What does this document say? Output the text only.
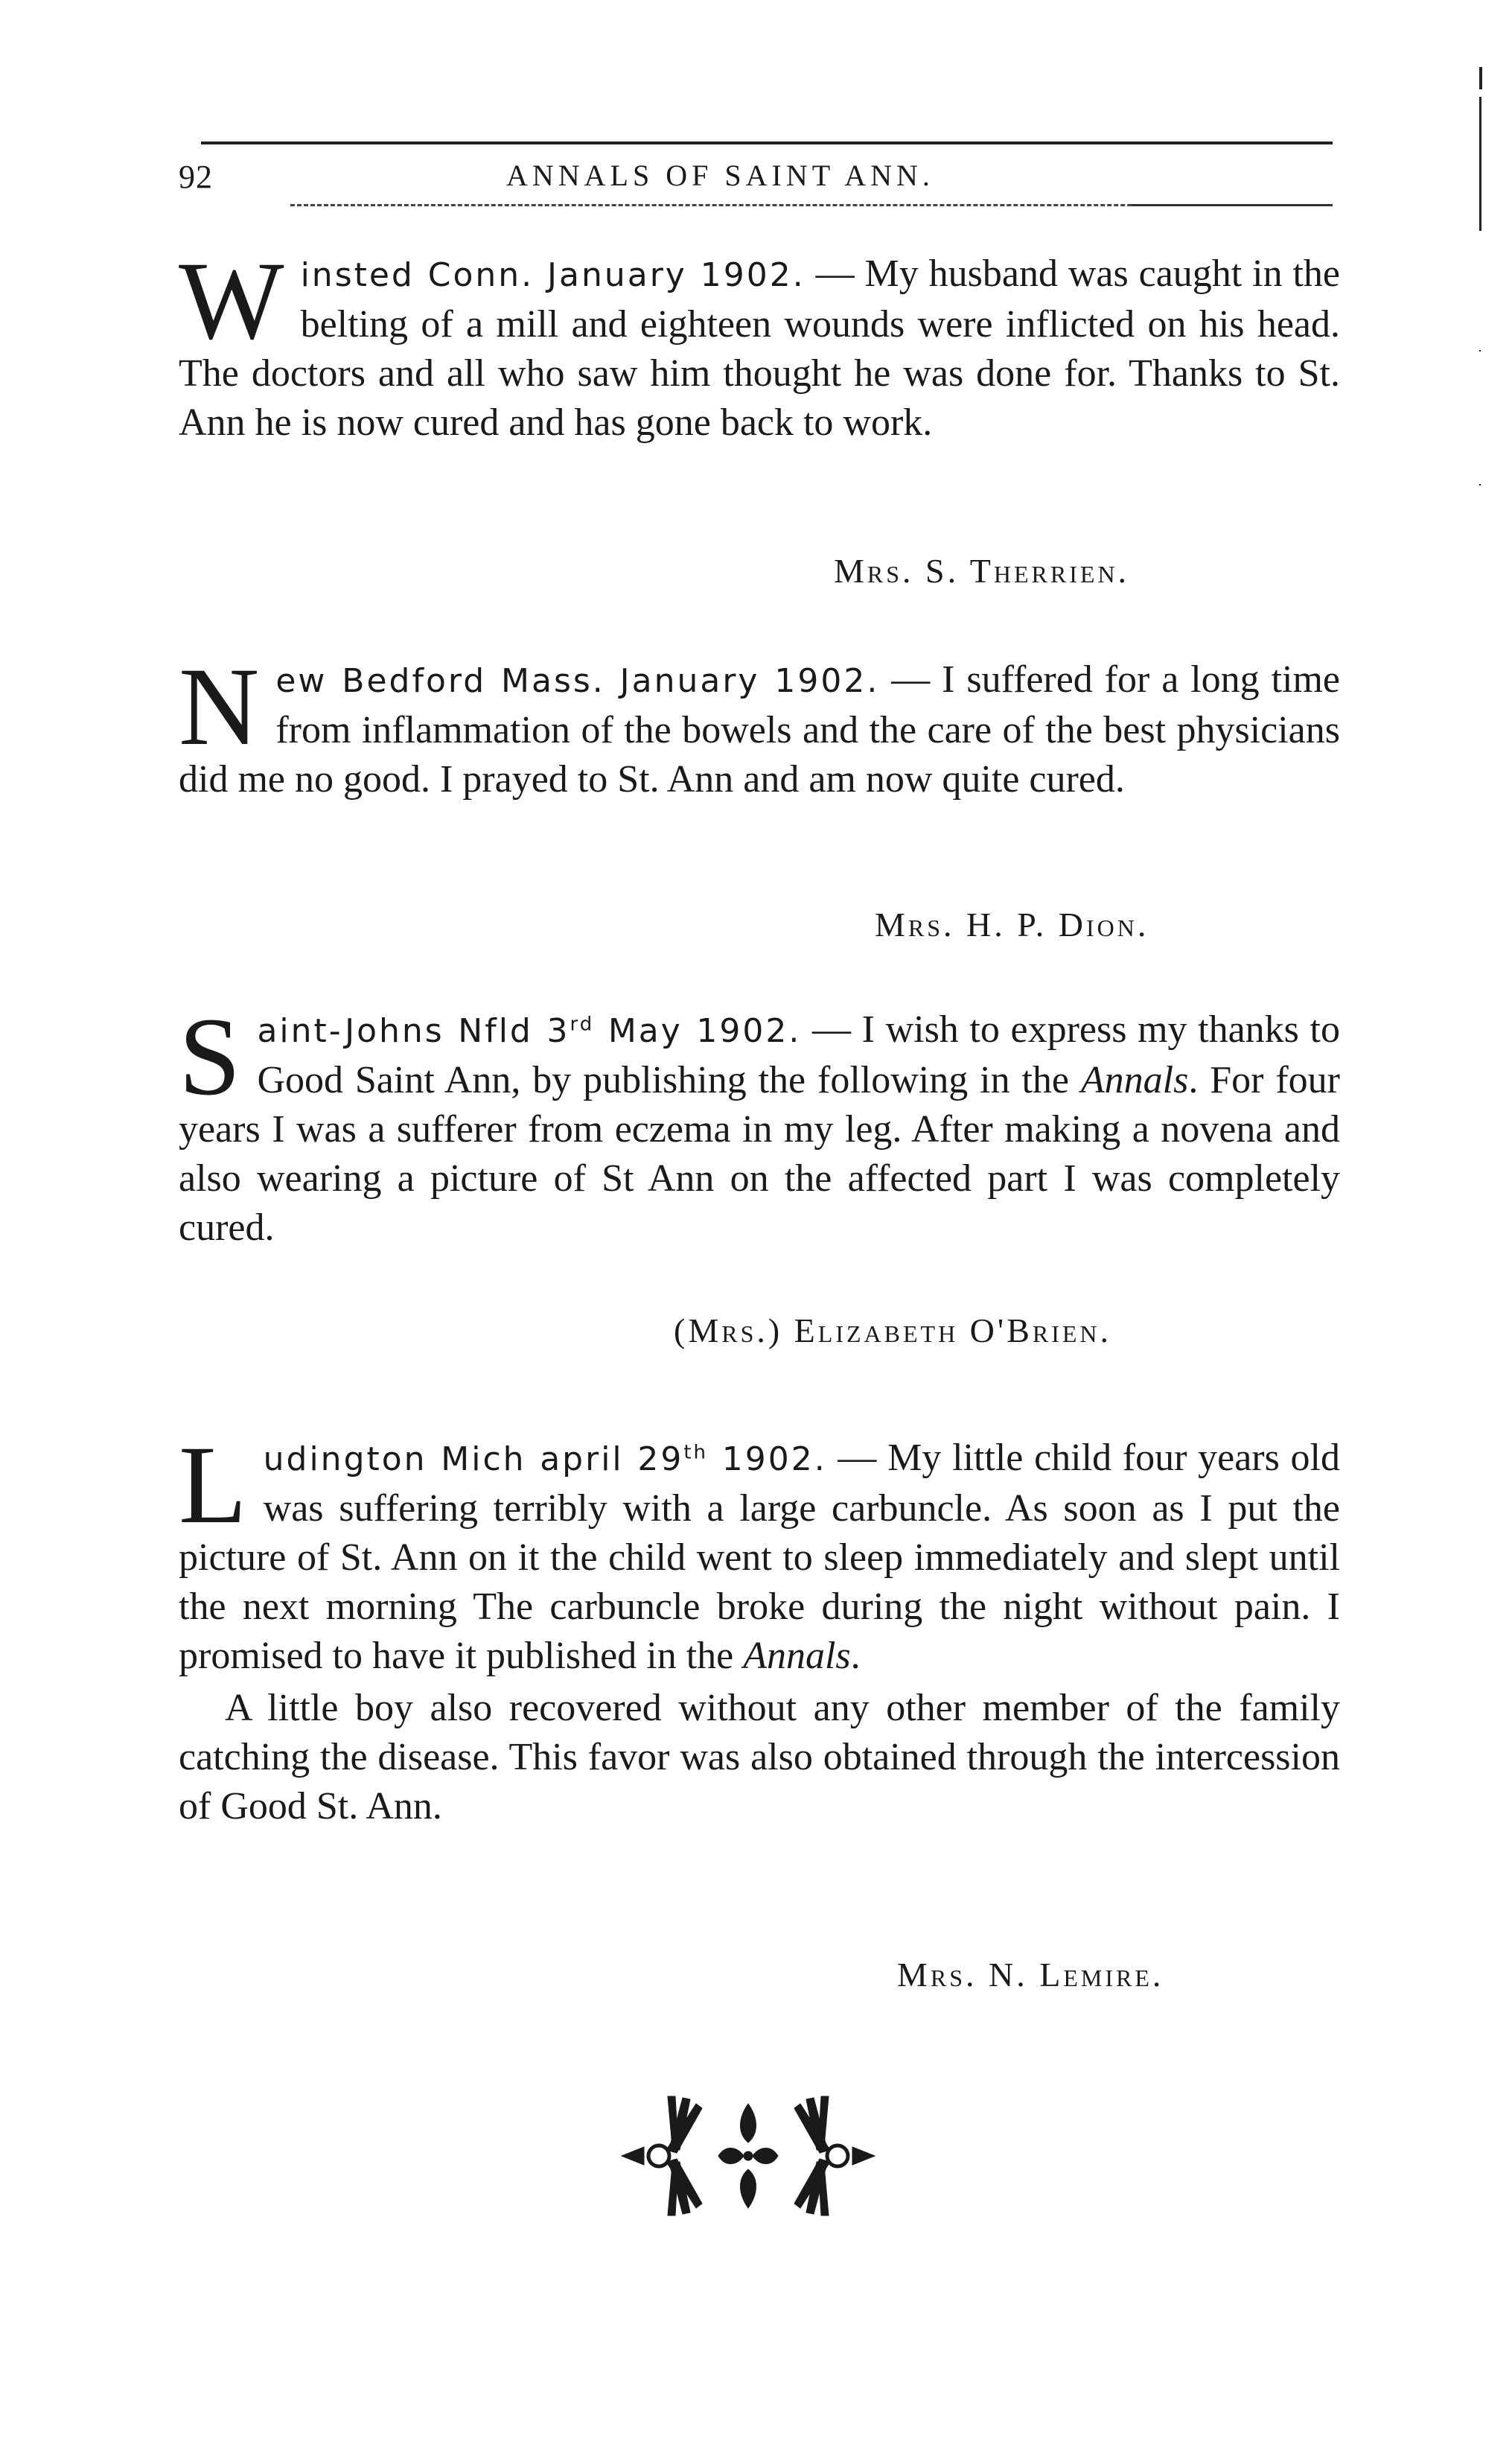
92	ANNALS OF SAINT ANN.
Winsted Conn. January 1902. — My husband was caught in the belting of a mill and eighteen wounds were inflicted on his head. The doctors and all who saw him thought he was done for. Thanks to St. Ann he is now cured and has gone back to work.
Mrs. S. Therrien.
New Bedford Mass. January 1902. — I suffered for a long time from inflammation of the bowels and the care of the best physicians did me no good. I prayed to St. Ann and am now quite cured.
Mrs. H. P. Dion.
Saint-Johns Nfld 3rd May 1902. — I wish to express my thanks to Good Saint Ann, by publishing the following in the Annals. For four years I was a sufferer from eczema in my leg. After making a novena and also wearing a picture of St Ann on the affected part I was completely cured.
(Mrs.) Elizabeth O'Brien.
Ludington Mich april 29th 1902. — My little child four years old was suffering terribly with a large carbuncle. As soon as I put the picture of St. Ann on it the child went to sleep immediately and slept until the next morning The carbuncle broke during the night without pain. I promised to have it published in the Annals.
A little boy also recovered without any other member of the family catching the disease. This favor was also obtained through the intercession of Good St. Ann.
Mrs. N. Lemire.
